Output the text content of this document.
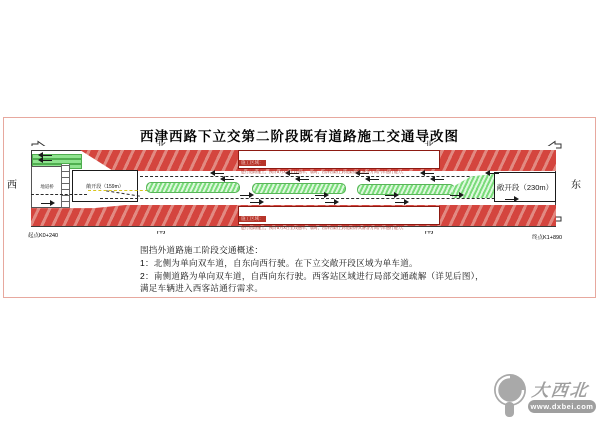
西津西路下立交第二阶段既有道路施工交通导改图
西	东
地道桥	敞开段（159m）	敞开段（230m）
施工区域：
进行道路施工，预计8月X日全线通车，届时，西津西路上跨道路将具备各方向汽车通行能力。
施工区域：
进行道路施工，预计8月X日全线通车，届时，西津西路上跨道路将具备各方向汽车通行能力。
起点K0+240	终点K1+890
围挡外道路施工阶段交通概述：
1：北侧为单向双车道，自东向西行驶。在下立交敞开段区域为单车道。
2：南侧道路为单向双车道，自西向东行驶。西客站区域进行局部交通疏解（详见后图），
满足车辆进入西客站通行需求。
大西北
www.dxbei.com
